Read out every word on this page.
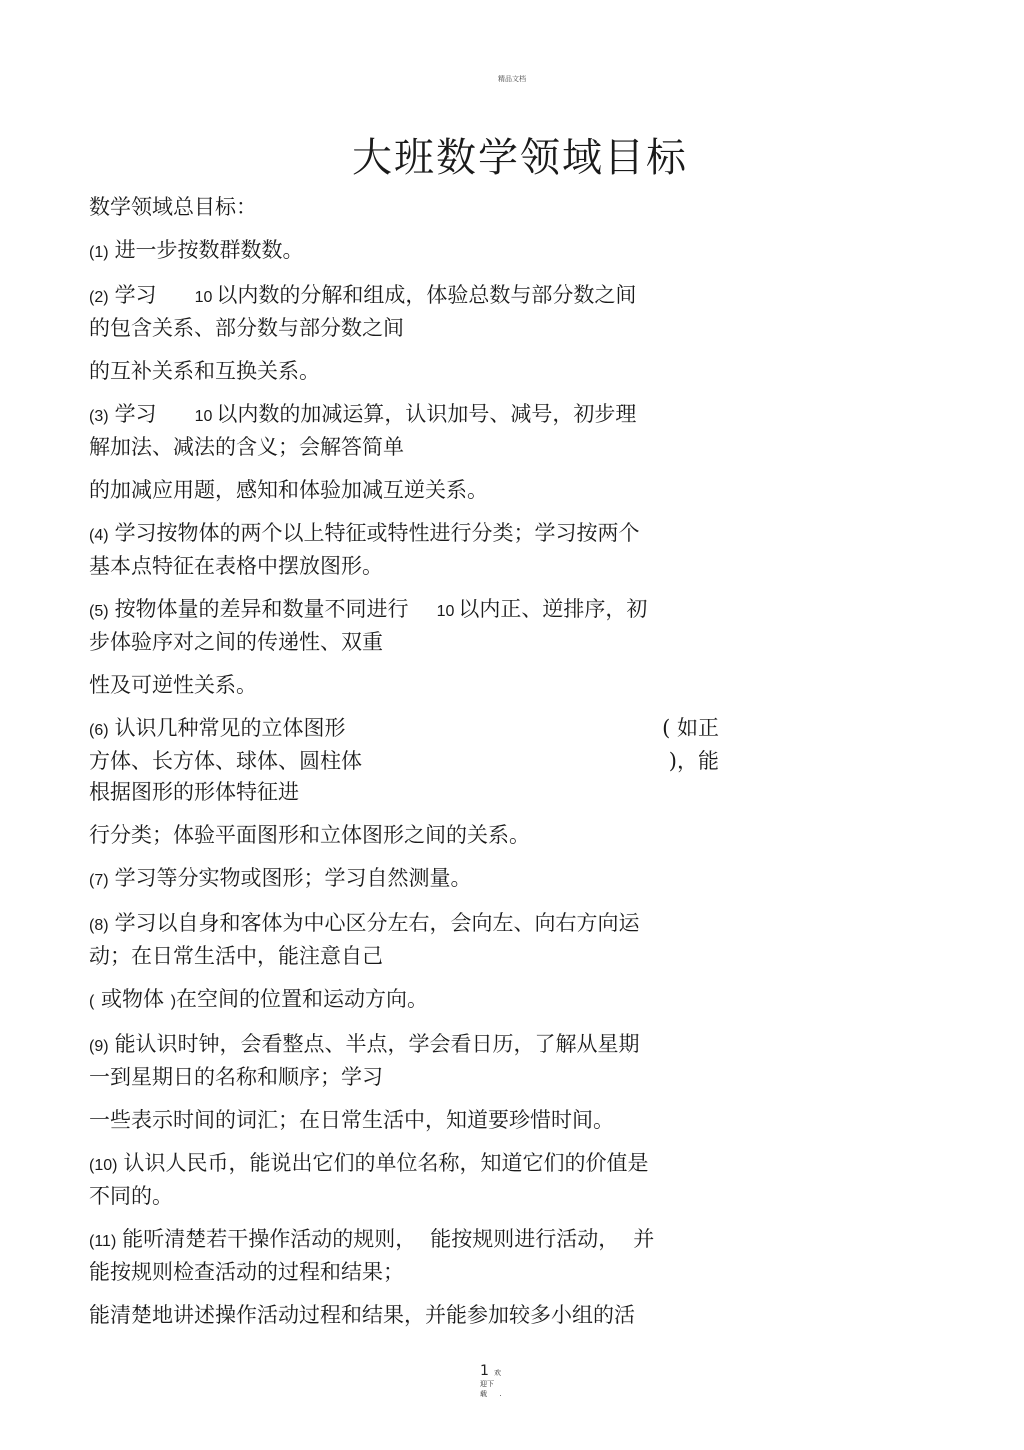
精品文档
大班数学领域目标
数学领域总目标：
(1) 进一步按数群数数。
(2) 学习 10 以内数的分解和组成，体验总数与部分数之间
的包含关系、部分数与部分数之间
的互补关系和互换关系。
(3) 学习 10 以内数的加减运算，认识加号、减号，初步理
解加法、减法的含义；会解答简单
的加减应用题，感知和体验加减互逆关系。
(4) 学习按物体的两个以上特征或特性进行分类；学习按两个
基本点特征在表格中摆放图形。
(5) 按物体量的差异和数量不同进行 10 以内正、逆排序，初
步体验序对之间的传递性、双重
性及可逆性关系。
(6) 认识几种常见的立体图形	( 如正
方体、长方体、球体、圆柱体	)，能
根据图形的形体特征进
行分类；体验平面图形和立体图形之间的关系。
(7) 学习等分实物或图形；学习自然测量。
(8) 学习以自身和客体为中心区分左右，会向左、向右方向运
动；在日常生活中，能注意自己
( 或物体 )在空间的位置和运动方向。
(9) 能认识时钟，会看整点、半点，学会看日历，了解从星期
一到星期日的名称和顺序；学习
一些表示时间的词汇；在日常生活中，知道要珍惜时间。
(10) 认识人民币，能说出它们的单位名称，知道它们的价值是
不同的。
(11) 能听清楚若干操作活动的规则， 能按规则进行活动， 并
能按规则检查活动的过程和结果；
能清楚地讲述操作活动过程和结果，并能参加较多小组的活
1 欢
迎下
载 .
